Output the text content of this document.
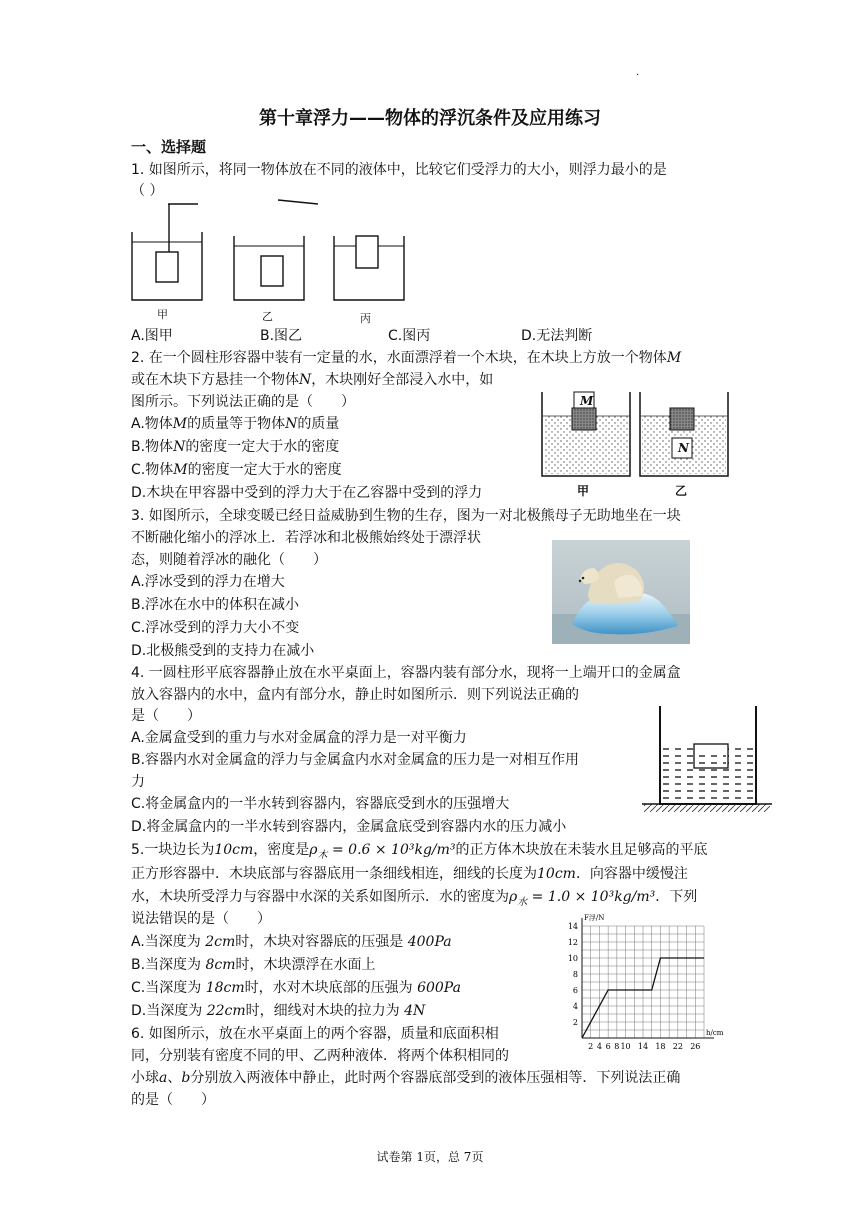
·
第十章浮力——物体的浮沉条件及应用练习
一、选择题
1. 如图所示，将同一物体放在不同的液体中，比较它们受浮力的大小，则浮力最小的是
（ ）
甲	乙	丙
A.图甲	B.图乙	C.图丙	D.无法判断
2. 在一个圆柱形容器中装有一定量的水，水面漂浮着一个木块，在木块上方放一个物体M
或在木块下方悬挂一个物体N，木块刚好全部浸入水中，如
图所示。下列说法正确的是（　　）
A.物体M的质量等于物体N的质量
B.物体N的密度一定大于水的密度
C.物体M的密度一定大于水的密度
D.木块在甲容器中受到的浮力大于在乙容器中受到的浮力
M
N
甲	乙
3. 如图所示，全球变暖已经日益威胁到生物的生存，图为一对北极熊母子无助地坐在一块
不断融化缩小的浮冰上．若浮冰和北极熊始终处于漂浮状
态，则随着浮冰的融化（　　）
A.浮冰受到的浮力在增大
B.浮冰在水中的体积在减小
C.浮冰受到的浮力大小不变
D.北极熊受到的支持力在减小
4. 一圆柱形平底容器静止放在水平桌面上，容器内装有部分水，现将一上端开口的金属盒
放入容器内的水中，盒内有部分水，静止时如图所示．则下列说法正确的
是（　　）
A.金属盒受到的重力与水对金属盒的浮力是一对平衡力
B.容器内水对金属盒的浮力与金属盒内水对金属盒的压力是一对相互作用
力
C.将金属盒内的一半水转到容器内，容器底受到水的压强增大
D.将金属盒内的一半水转到容器内，金属盒底受到容器内水的压力减小
5.一块边长为10cm，密度是$\rho_木 = 0.6 \times 10^3kg/m^3$的正方体木块放在未装水且足够高的平底
正方形容器中．木块底部与容器底用一条细线相连，细线的长度为10cm．向容器中缓慢注
水，木块所受浮力与容器中水深的关系如图所示．水的密度为$\rho_水 = 1.0 \times 10^3kg/m^3$．下列
说法错误的是（　　）
A.当深度为 2cm时，木块对容器底的压强是 400Pa
B.当深度为 8cm时，木块漂浮在水面上
C.当深度为 18cm时，水对木块底部的压强为 600Pa
D.当深度为 22cm时，细线对木块的拉力为 4N
2 4 6 8 10 14 18 22 26
2
4
6
8
10
12
14
F浮/N
h/cm
6. 如图所示，放在水平桌面上的两个容器，质量和底面积相
同，分别装有密度不同的甲、乙两种液体．将两个体积相同的
小球a、b分别放入两液体中静止，此时两个容器底部受到的液体压强相等．下列说法正确
的是（　　）
试卷第 1页，总 7页
